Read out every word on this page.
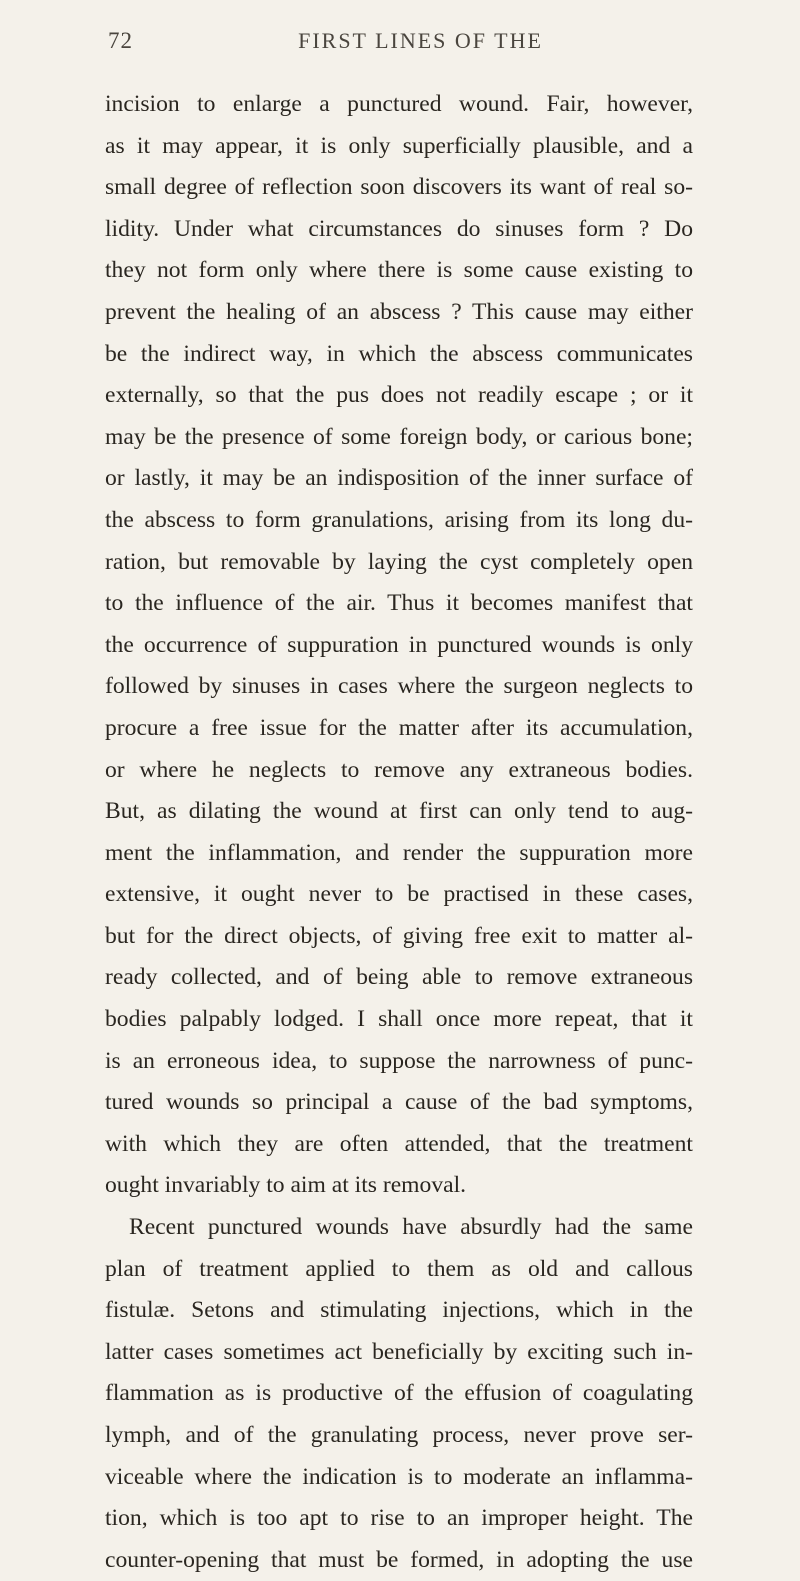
72	FIRST LINES OF THE
incision to enlarge a punctured wound. Fair, however,
as it may appear, it is only superficially plausible, and a
small degree of reflection soon discovers its want of real so-
lidity. Under what circumstances do sinuses form ? Do
they not form only where there is some cause existing to
prevent the healing of an abscess ? This cause may either
be the indirect way, in which the abscess communicates
externally, so that the pus does not readily escape ; or it
may be the presence of some foreign body, or carious bone;
or lastly, it may be an indisposition of the inner surface of
the abscess to form granulations, arising from its long du-
ration, but removable by laying the cyst completely open
to the influence of the air. Thus it becomes manifest that
the occurrence of suppuration in punctured wounds is only
followed by sinuses in cases where the surgeon neglects to
procure a free issue for the matter after its accumulation,
or where he neglects to remove any extraneous bodies.
But, as dilating the wound at first can only tend to aug-
ment the inflammation, and render the suppuration more
extensive, it ought never to be practised in these cases,
but for the direct objects, of giving free exit to matter al-
ready collected, and of being able to remove extraneous
bodies palpably lodged. I shall once more repeat, that it
is an erroneous idea, to suppose the narrowness of punc-
tured wounds so principal a cause of the bad symptoms,
with which they are often attended, that the treatment
ought invariably to aim at its removal.
Recent punctured wounds have absurdly had the same
plan of treatment applied to them as old and callous
fistulæ. Setons and stimulating injections, which in the
latter cases sometimes act beneficially by exciting such in-
flammation as is productive of the effusion of coagulating
lymph, and of the granulating process, never prove ser-
viceable where the indication is to moderate an inflamma-
tion, which is too apt to rise to an improper height. The
counter-opening that must be formed, in adopting the use
